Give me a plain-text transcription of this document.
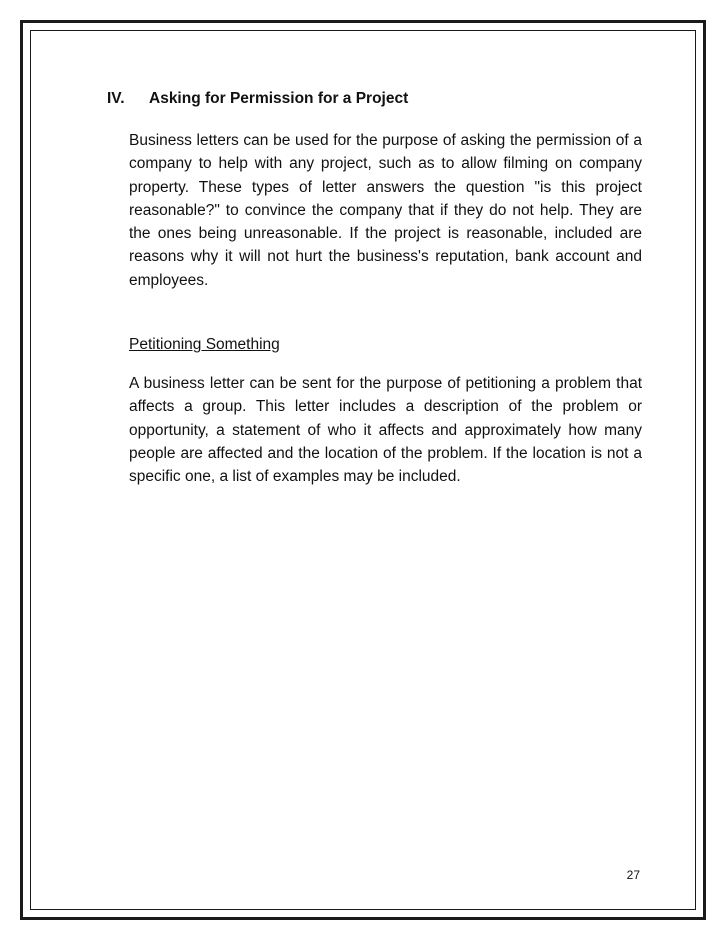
IV. Asking for Permission for a Project

Business letters can be used for the purpose of asking the permission of a company to help with any project, such as to allow filming on company property. These types of letter answers the question "is this project reasonable?" to convince the company that if they do not help. They are the ones being unreasonable. If the project is reasonable, included are reasons why it will not hurt the business's reputation, bank account and employees.

Petitioning Something

A business letter can be sent for the purpose of petitioning a problem that affects a group. This letter includes a description of the problem or opportunity, a statement of who it affects and approximately how many people are affected and the location of the problem. If the location is not a specific one, a list of examples may be included.

27
